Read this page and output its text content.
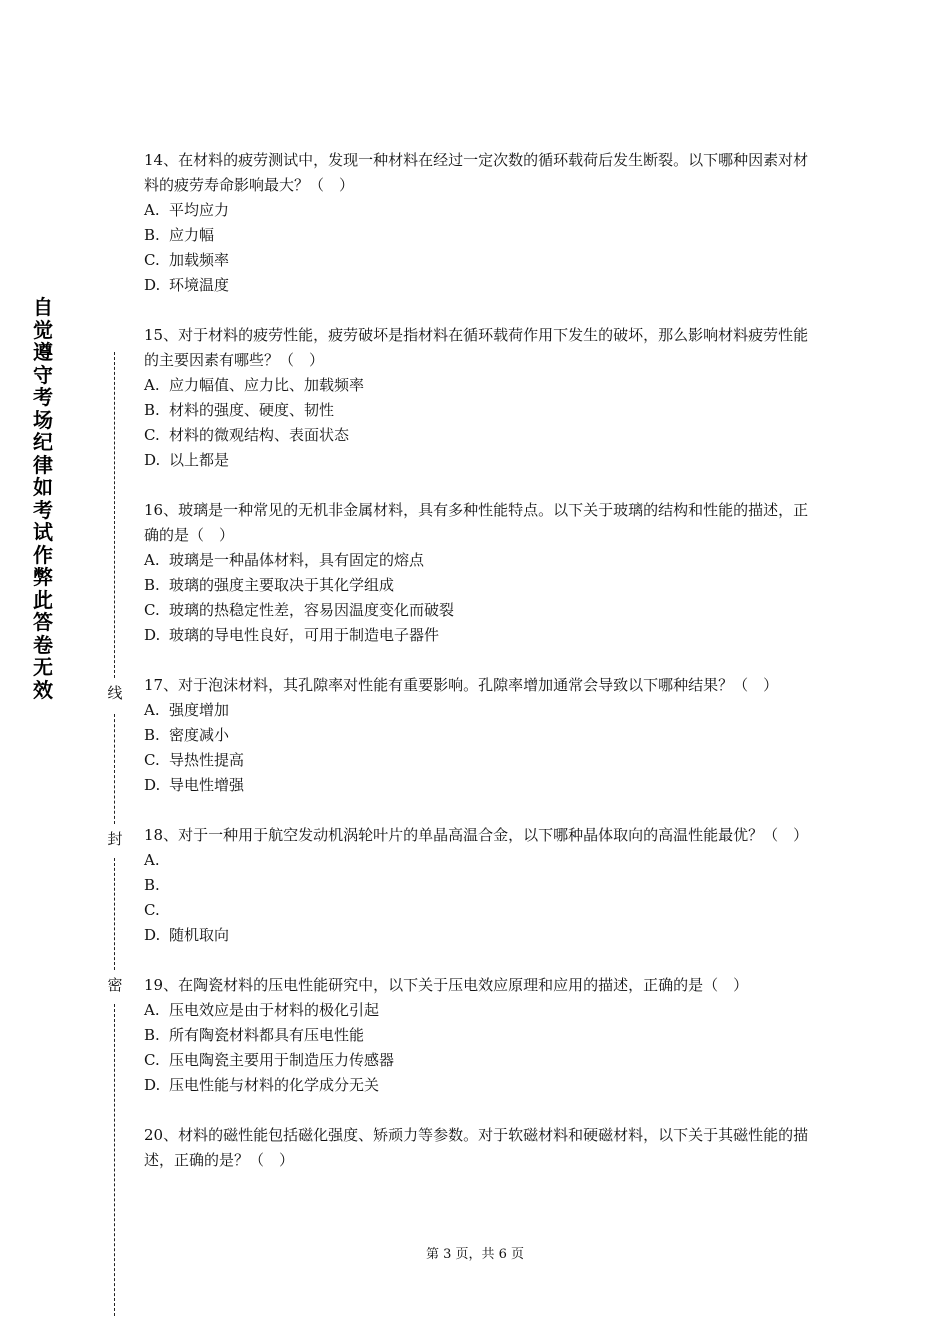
自
觉
遵
守
考
场
纪
律
如
考
试
作
弊
此
答
卷
无
效	线
封
密

14、在材料的疲劳测试中，发现一种材料在经过一定次数的循环载荷后发生断裂。以下哪种因素对材料的疲劳寿命影响最大？（　）

A. 平均应力
B. 应力幅
C. 加载频率
D. 环境温度

15、对于材料的疲劳性能，疲劳破坏是指材料在循环载荷作用下发生的破坏，那么影响材料疲劳性能的主要因素有哪些？（　）

A. 应力幅值、应力比、加载频率
B. 材料的强度、硬度、韧性
C. 材料的微观结构、表面状态
D. 以上都是

16、玻璃是一种常见的无机非金属材料，具有多种性能特点。以下关于玻璃的结构和性能的描述，正确的是（　）

A. 玻璃是一种晶体材料，具有固定的熔点
B. 玻璃的强度主要取决于其化学组成
C. 玻璃的热稳定性差，容易因温度变化而破裂
D. 玻璃的导电性良好，可用于制造电子器件

17、对于泡沫材料，其孔隙率对性能有重要影响。孔隙率增加通常会导致以下哪种结果？（　）

A. 强度增加
B. 密度减小
C. 导热性提高
D. 导电性增强

18、对于一种用于航空发动机涡轮叶片的单晶高温合金，以下哪种晶体取向的高温性能最优？（　）

A.
B.
C.
D. 随机取向

19、在陶瓷材料的压电性能研究中，以下关于压电效应原理和应用的描述，正确的是（　）

A. 压电效应是由于材料的极化引起
B. 所有陶瓷材料都具有压电性能
C. 压电陶瓷主要用于制造压力传感器
D. 压电性能与材料的化学成分无关

20、材料的磁性能包括磁化强度、矫顽力等参数。对于软磁材料和硬磁材料，以下关于其磁性能的描述，正确的是？（　）

第 3 页，共 6 页
